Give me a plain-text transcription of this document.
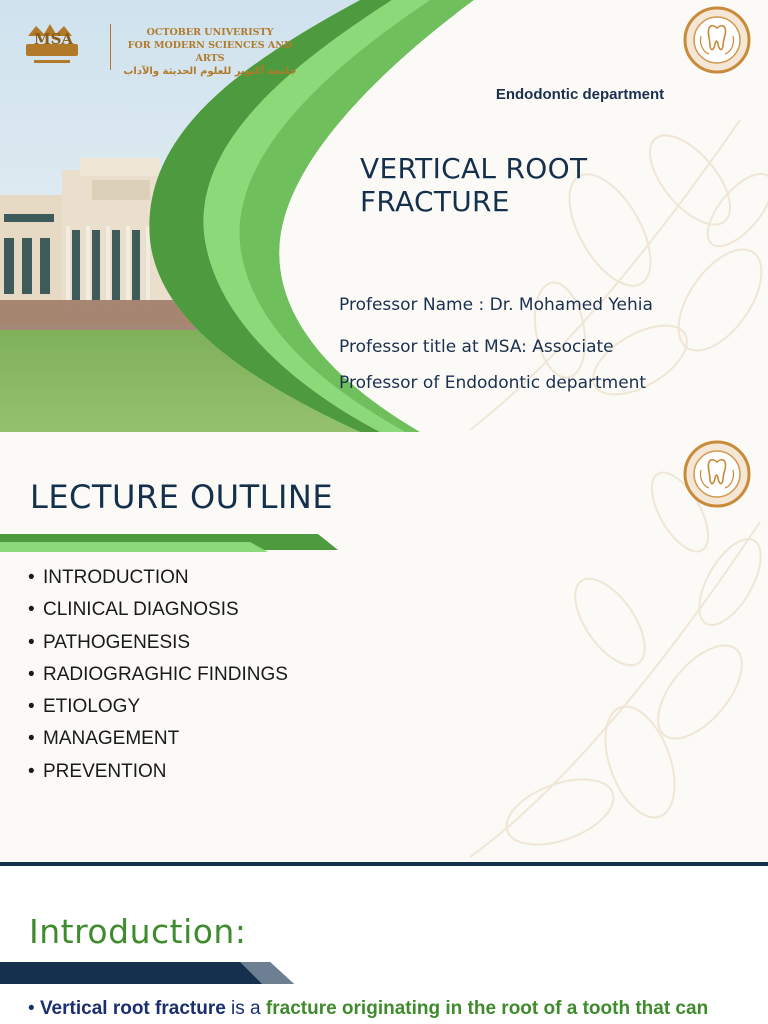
MSA	OCTOBER UNIVERISTY
FOR MODERN SCIENCES AND ARTS
جامعة أكتوبر للعلوم الحديثة والآداب
Endodontic department
VERTICAL ROOT
FRACTURE
Professor Name : Dr. Mohamed Yehia
Professor title at MSA: Associate
Professor of Endodontic department
LECTURE OUTLINE
• INTRODUCTION
• CLINICAL DIAGNOSIS
• PATHOGENESIS
• RADIOGRAGHIC FINDINGS
• ETIOLOGY
• MANAGEMENT
• PREVENTION
Introduction:
• Vertical root fracture is a fracture originating in the root of a tooth that can
